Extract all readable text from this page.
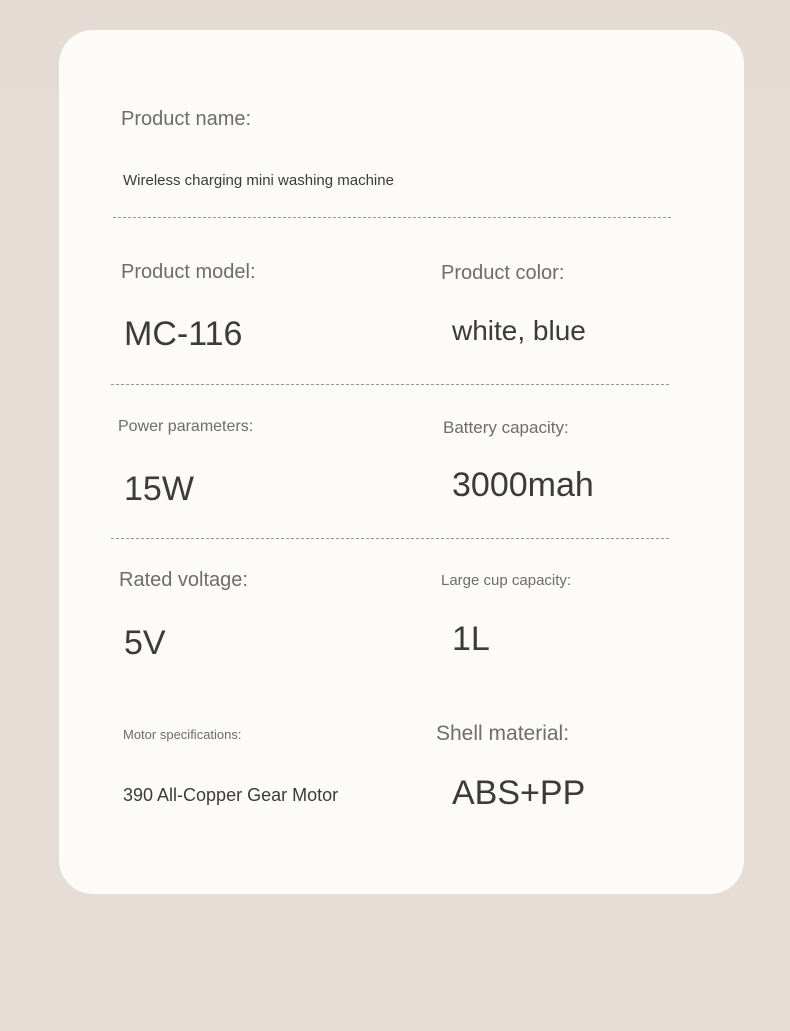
Product name:
Wireless charging mini washing machine
Product model:
MC-116
Product color:
white, blue
Power parameters:
15W
Battery capacity:
3000mah
Rated voltage:
5V
Large cup capacity:
1L
Motor specifications:
390 All-Copper Gear Motor
Shell material:
ABS+PP
